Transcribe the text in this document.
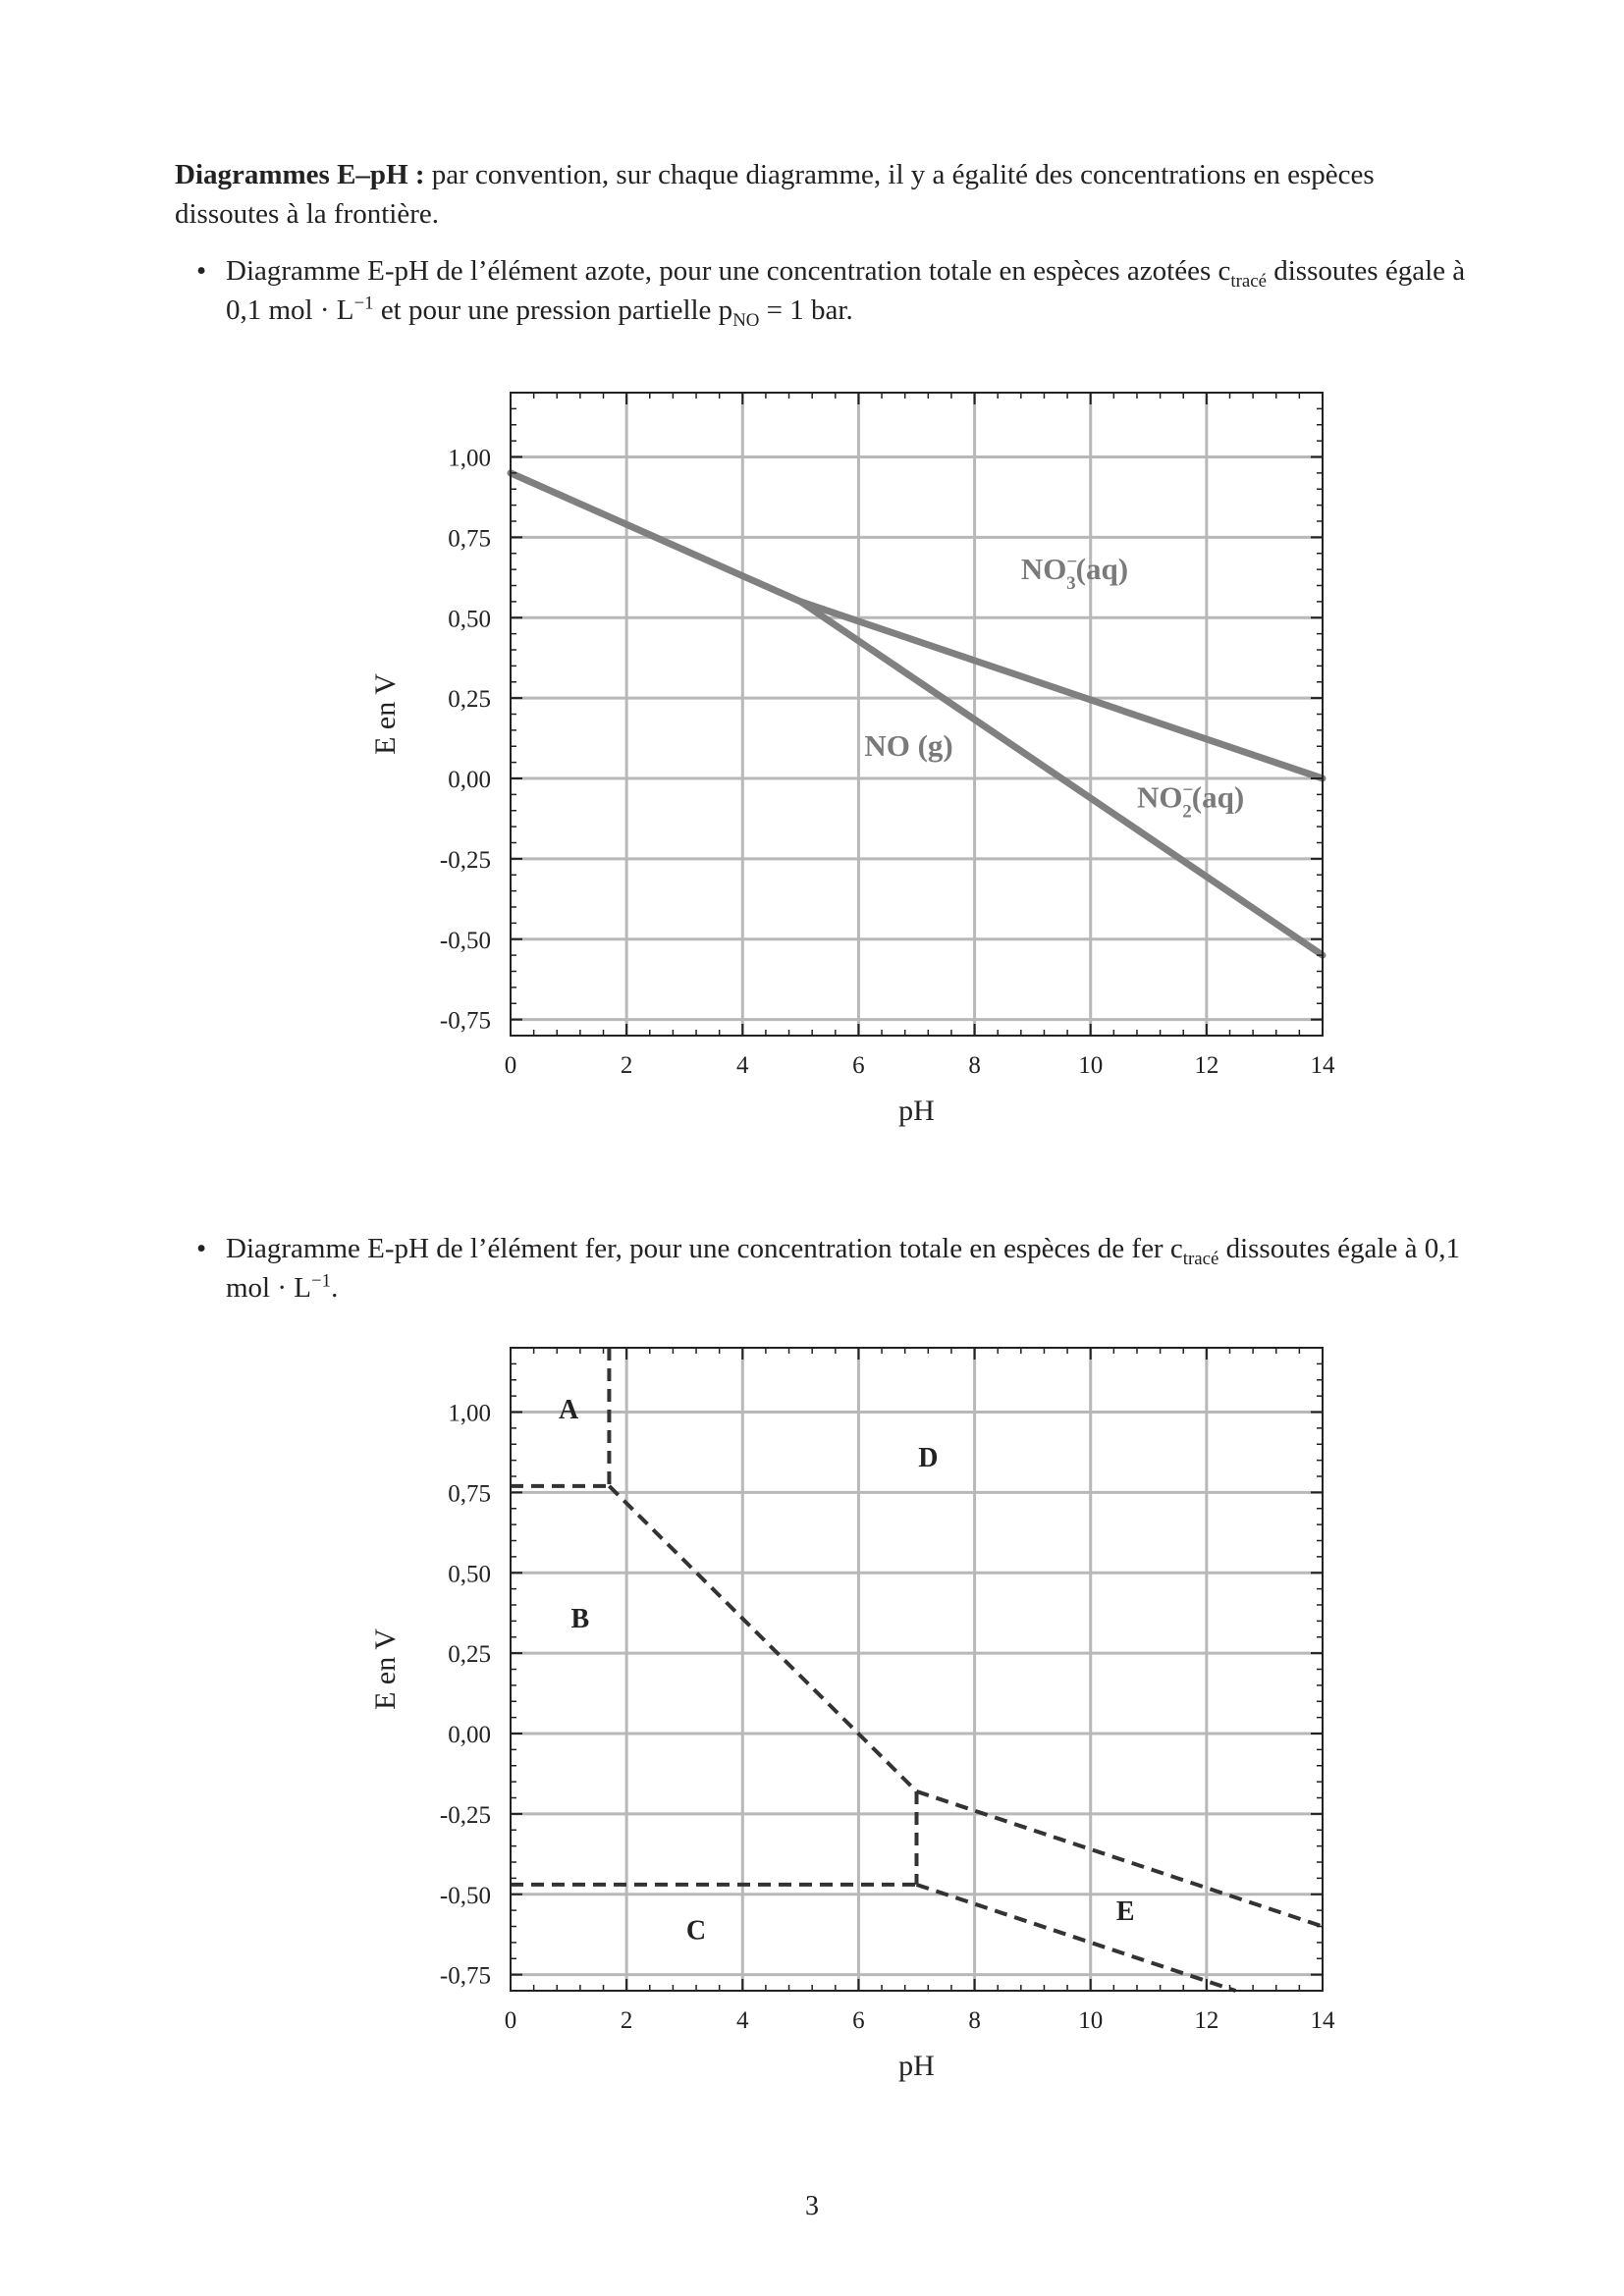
Diagrammes E–pH : par convention, sur chaque diagramme, il y a égalité des concentrations en espèces dissoutes à la frontière.
• Diagramme E-pH de l’élément azote, pour une concentration totale en espèces azotées $c_{tracé}$ dissoutes égale à 0,1 mol · $L^{-1}$ et pour une pression partielle $p_{NO} = 1$ bar.
• Diagramme E-pH de l’élément fer, pour une concentration totale en espèces de fer $c_{tracé}$ dissoutes égale à 0,1 mol · $L^{-1}$.
1,00
0,75
0,50
0,25
0,00
-0,25
-0,50
-0,75
0	2	4	6	8	10	12	14
pH
E en V
NO− 3(aq)
NO (g)
NO− 2(aq)
1,00
0,75
0,50
0,25
0,00
-0,25
-0,50
-0,75
0	2	4	6	8	10	12	14
pH
E en V
A
D
B
C
E
3
